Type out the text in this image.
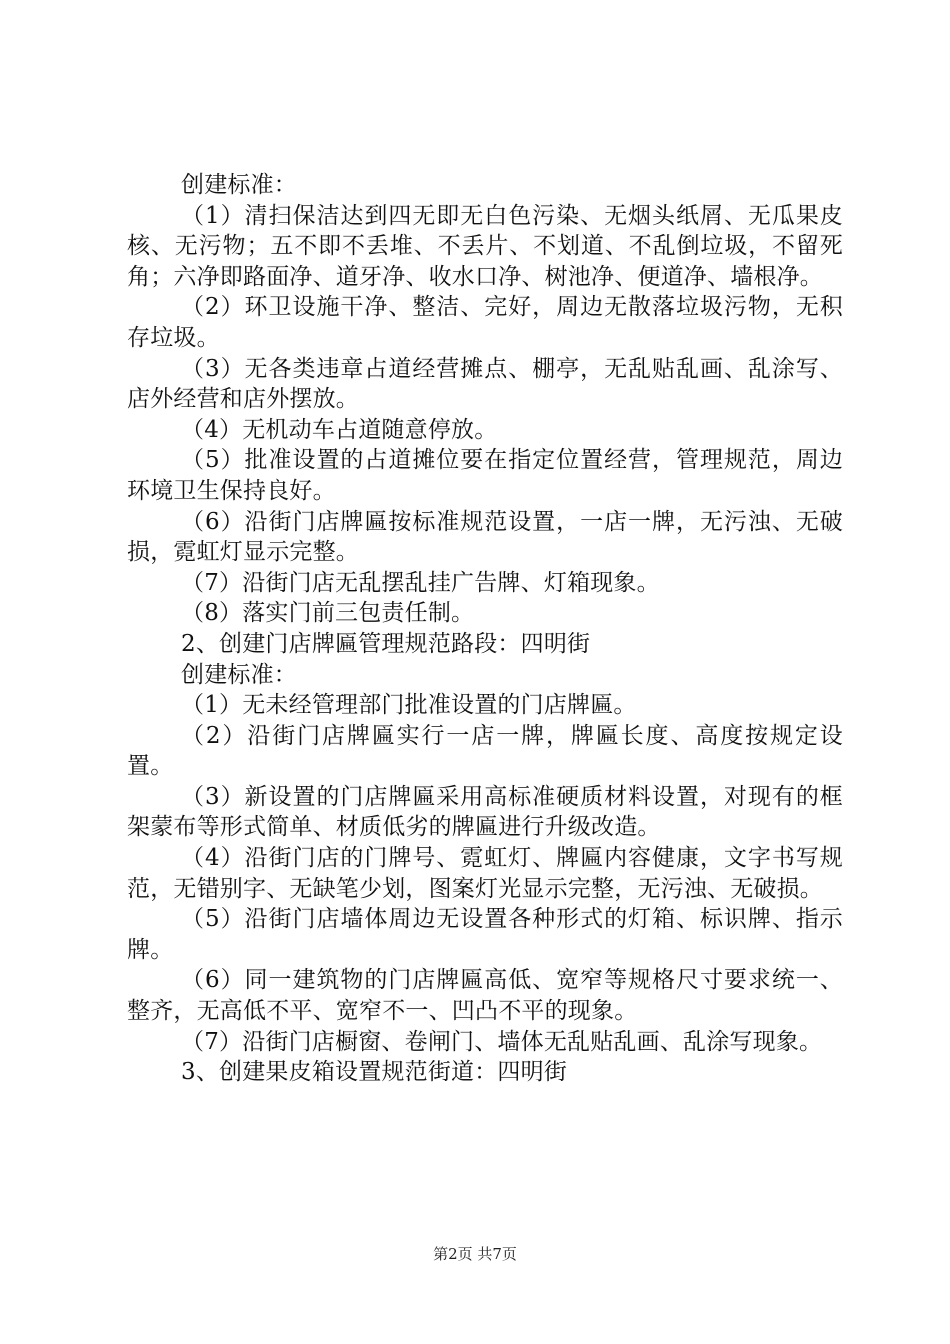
创建标准：

（1）清扫保洁达到四无即无白色污染、无烟头纸屑、无瓜果皮核、无污物；五不即不丢堆、不丢片、不划道、不乱倒垃圾，不留死角；六净即路面净、道牙净、收水口净、树池净、便道净、墙根净。

（2）环卫设施干净、整洁、完好，周边无散落垃圾污物，无积存垃圾。

（3）无各类违章占道经营摊点、棚亭，无乱贴乱画、乱涂写、店外经营和店外摆放。

（4）无机动车占道随意停放。

（5）批准设置的占道摊位要在指定位置经营，管理规范，周边环境卫生保持良好。

（6）沿街门店牌匾按标准规范设置，一店一牌，无污浊、无破损，霓虹灯显示完整。

（7）沿街门店无乱摆乱挂广告牌、灯箱现象。

（8）落实门前三包责任制。

2、创建门店牌匾管理规范路段：四明街

创建标准：

（1）无未经管理部门批准设置的门店牌匾。

（2）沿街门店牌匾实行一店一牌，牌匾长度、高度按规定设置。

（3）新设置的门店牌匾采用高标准硬质材料设置，对现有的框架蒙布等形式简单、材质低劣的牌匾进行升级改造。

（4）沿街门店的门牌号、霓虹灯、牌匾内容健康，文字书写规范，无错别字、无缺笔少划，图案灯光显示完整，无污浊、无破损。

（5）沿街门店墙体周边无设置各种形式的灯箱、标识牌、指示牌。

（6）同一建筑物的门店牌匾高低、宽窄等规格尺寸要求统一、整齐，无高低不平、宽窄不一、凹凸不平的现象。

（7）沿街门店橱窗、卷闸门、墙体无乱贴乱画、乱涂写现象。

3、创建果皮箱设置规范街道：四明街

第2页 共7页
